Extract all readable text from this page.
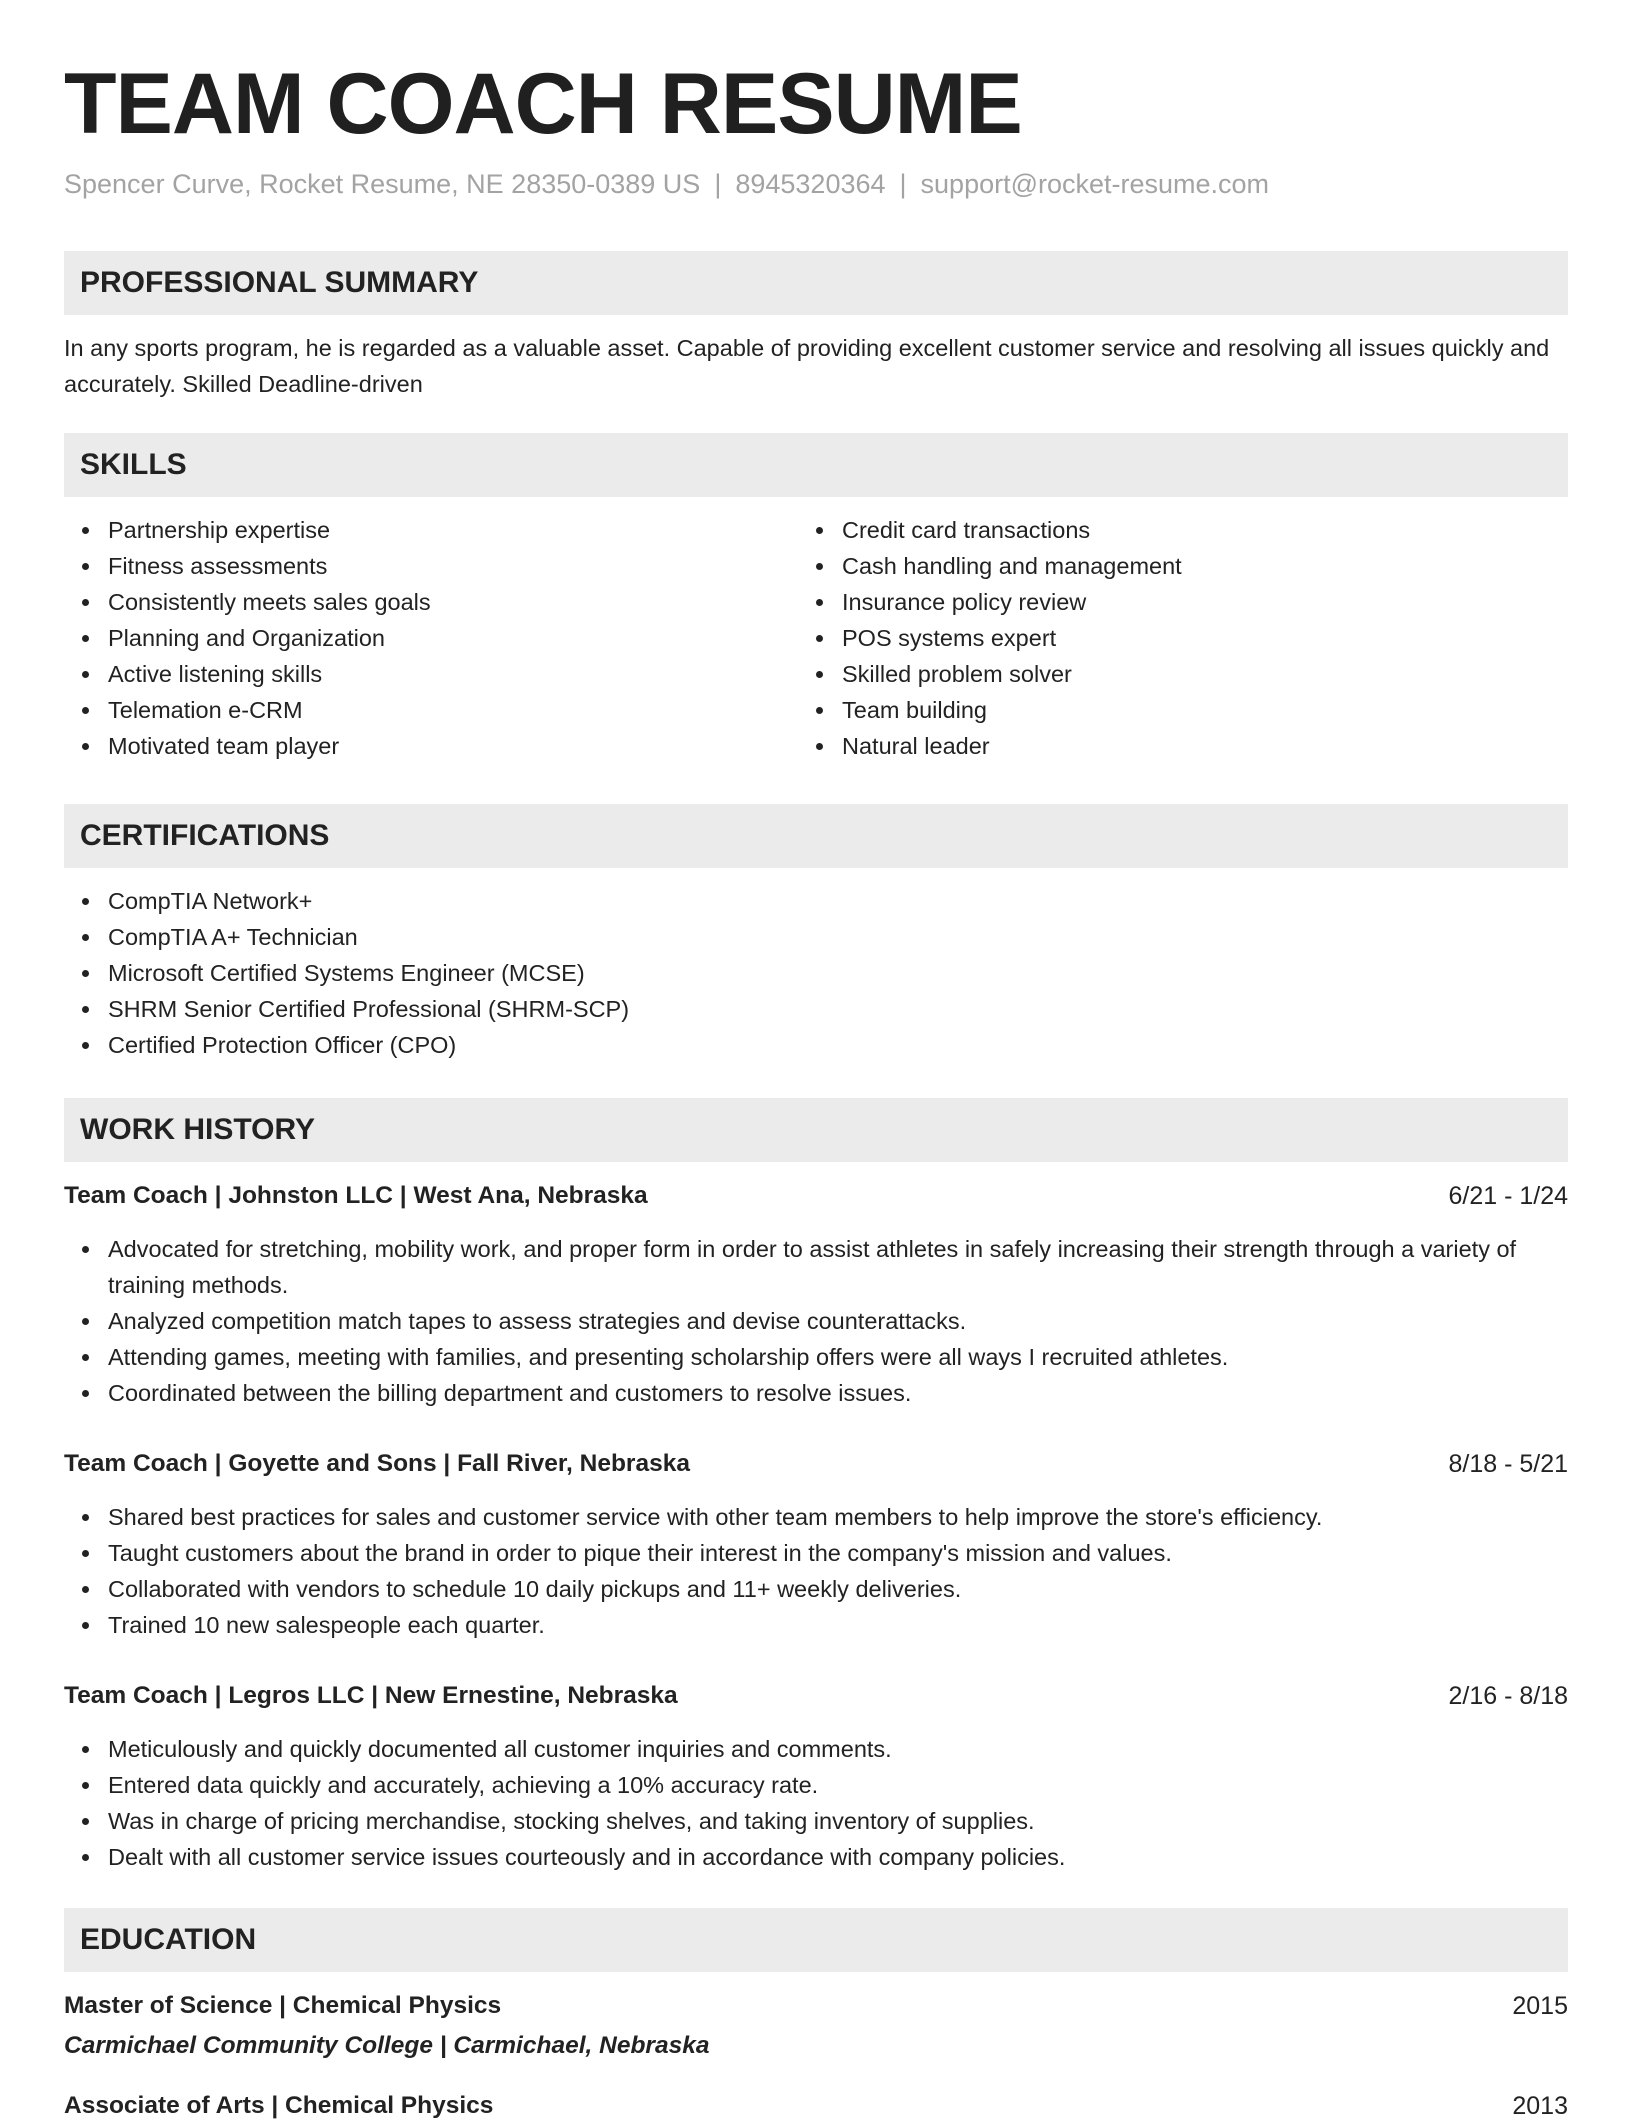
TEAM COACH RESUME
Spencer Curve, Rocket Resume, NE 28350-0389 US | 8945320364 | support@rocket-resume.com
PROFESSIONAL SUMMARY

In any sports program, he is regarded as a valuable asset. Capable of providing excellent customer service and resolving all issues quickly and accurately. Skilled Deadline-driven

SKILLS
Partnership expertise
Fitness assessments
Consistently meets sales goals
Planning and Organization
Active listening skills
Telemation e-CRM
Motivated team player
Credit card transactions
Cash handling and management
Insurance policy review
POS systems expert
Skilled problem solver
Team building
Natural leader
CERTIFICATIONS
CompTIA Network+
CompTIA A+ Technician
Microsoft Certified Systems Engineer (MCSE)
SHRM Senior Certified Professional (SHRM-SCP)
Certified Protection Officer (CPO)
WORK HISTORY
Team Coach | Johnston LLC | West Ana, Nebraska	6/21 - 1/24
Advocated for stretching, mobility work, and proper form in order to assist athletes in safely increasing their strength through a variety of training methods.
Analyzed competition match tapes to assess strategies and devise counterattacks.
Attending games, meeting with families, and presenting scholarship offers were all ways I recruited athletes.
Coordinated between the billing department and customers to resolve issues.
Team Coach | Goyette and Sons | Fall River, Nebraska	8/18 - 5/21
Shared best practices for sales and customer service with other team members to help improve the store's efficiency.
Taught customers about the brand in order to pique their interest in the company's mission and values.
Collaborated with vendors to schedule 10 daily pickups and 11+ weekly deliveries.
Trained 10 new salespeople each quarter.
Team Coach | Legros LLC | New Ernestine, Nebraska	2/16 - 8/18
Meticulously and quickly documented all customer inquiries and comments.
Entered data quickly and accurately, achieving a 10% accuracy rate.
Was in charge of pricing merchandise, stocking shelves, and taking inventory of supplies.
Dealt with all customer service issues courteously and in accordance with company policies.
EDUCATION
Master of Science | Chemical Physics	2015
Carmichael Community College | Carmichael, Nebraska
Associate of Arts | Chemical Physics	2013
